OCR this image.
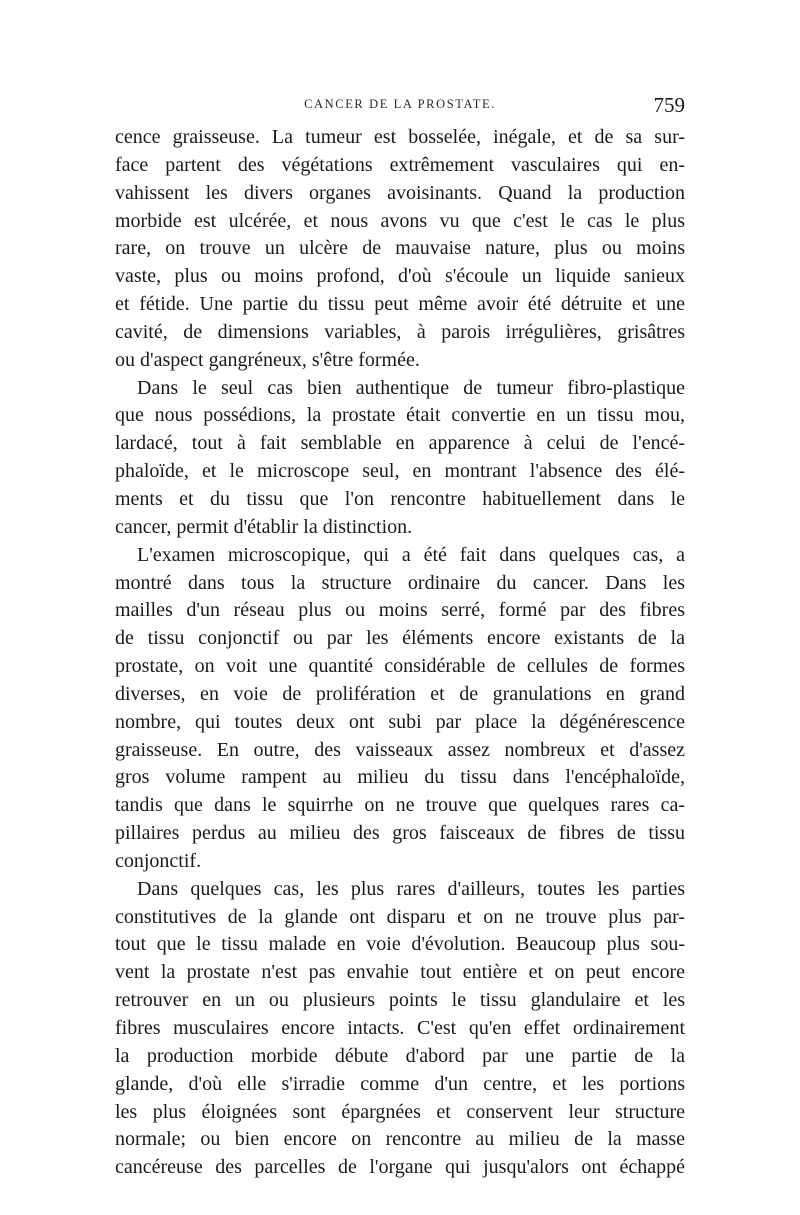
CANCER DE LA PROSTATE.	759
cence graisseuse. La tumeur est bosselée, inégale, et de sa sur-
face partent des végétations extrêmement vasculaires qui en-
vahissent les divers organes avoisinants. Quand la production
morbide est ulcérée, et nous avons vu que c'est le cas le plus
rare, on trouve un ulcère de mauvaise nature, plus ou moins
vaste, plus ou moins profond, d'où s'écoule un liquide sanieux
et fétide. Une partie du tissu peut même avoir été détruite et une
cavité, de dimensions variables, à parois irrégulières, grisâtres
ou d'aspect gangréneux, s'être formée.
Dans le seul cas bien authentique de tumeur fibro-plastique
que nous possédions, la prostate était convertie en un tissu mou,
lardacé, tout à fait semblable en apparence à celui de l'encé-
phaloïde, et le microscope seul, en montrant l'absence des élé-
ments et du tissu que l'on rencontre habituellement dans le
cancer, permit d'établir la distinction.
L'examen microscopique, qui a été fait dans quelques cas, a
montré dans tous la structure ordinaire du cancer. Dans les
mailles d'un réseau plus ou moins serré, formé par des fibres
de tissu conjonctif ou par les éléments encore existants de la
prostate, on voit une quantité considérable de cellules de formes
diverses, en voie de prolifération et de granulations en grand
nombre, qui toutes deux ont subi par place la dégénérescence
graisseuse. En outre, des vaisseaux assez nombreux et d'assez
gros volume rampent au milieu du tissu dans l'encéphaloïde,
tandis que dans le squirrhe on ne trouve que quelques rares ca-
pillaires perdus au milieu des gros faisceaux de fibres de tissu
conjonctif.
Dans quelques cas, les plus rares d'ailleurs, toutes les parties
constitutives de la glande ont disparu et on ne trouve plus par-
tout que le tissu malade en voie d'évolution. Beaucoup plus sou-
vent la prostate n'est pas envahie tout entière et on peut encore
retrouver en un ou plusieurs points le tissu glandulaire et les
fibres musculaires encore intacts. C'est qu'en effet ordinairement
la production morbide débute d'abord par une partie de la
glande, d'où elle s'irradie comme d'un centre, et les portions
les plus éloignées sont épargnées et conservent leur structure
normale; ou bien encore on rencontre au milieu de la masse
cancéreuse des parcelles de l'organe qui jusqu'alors ont échappé
